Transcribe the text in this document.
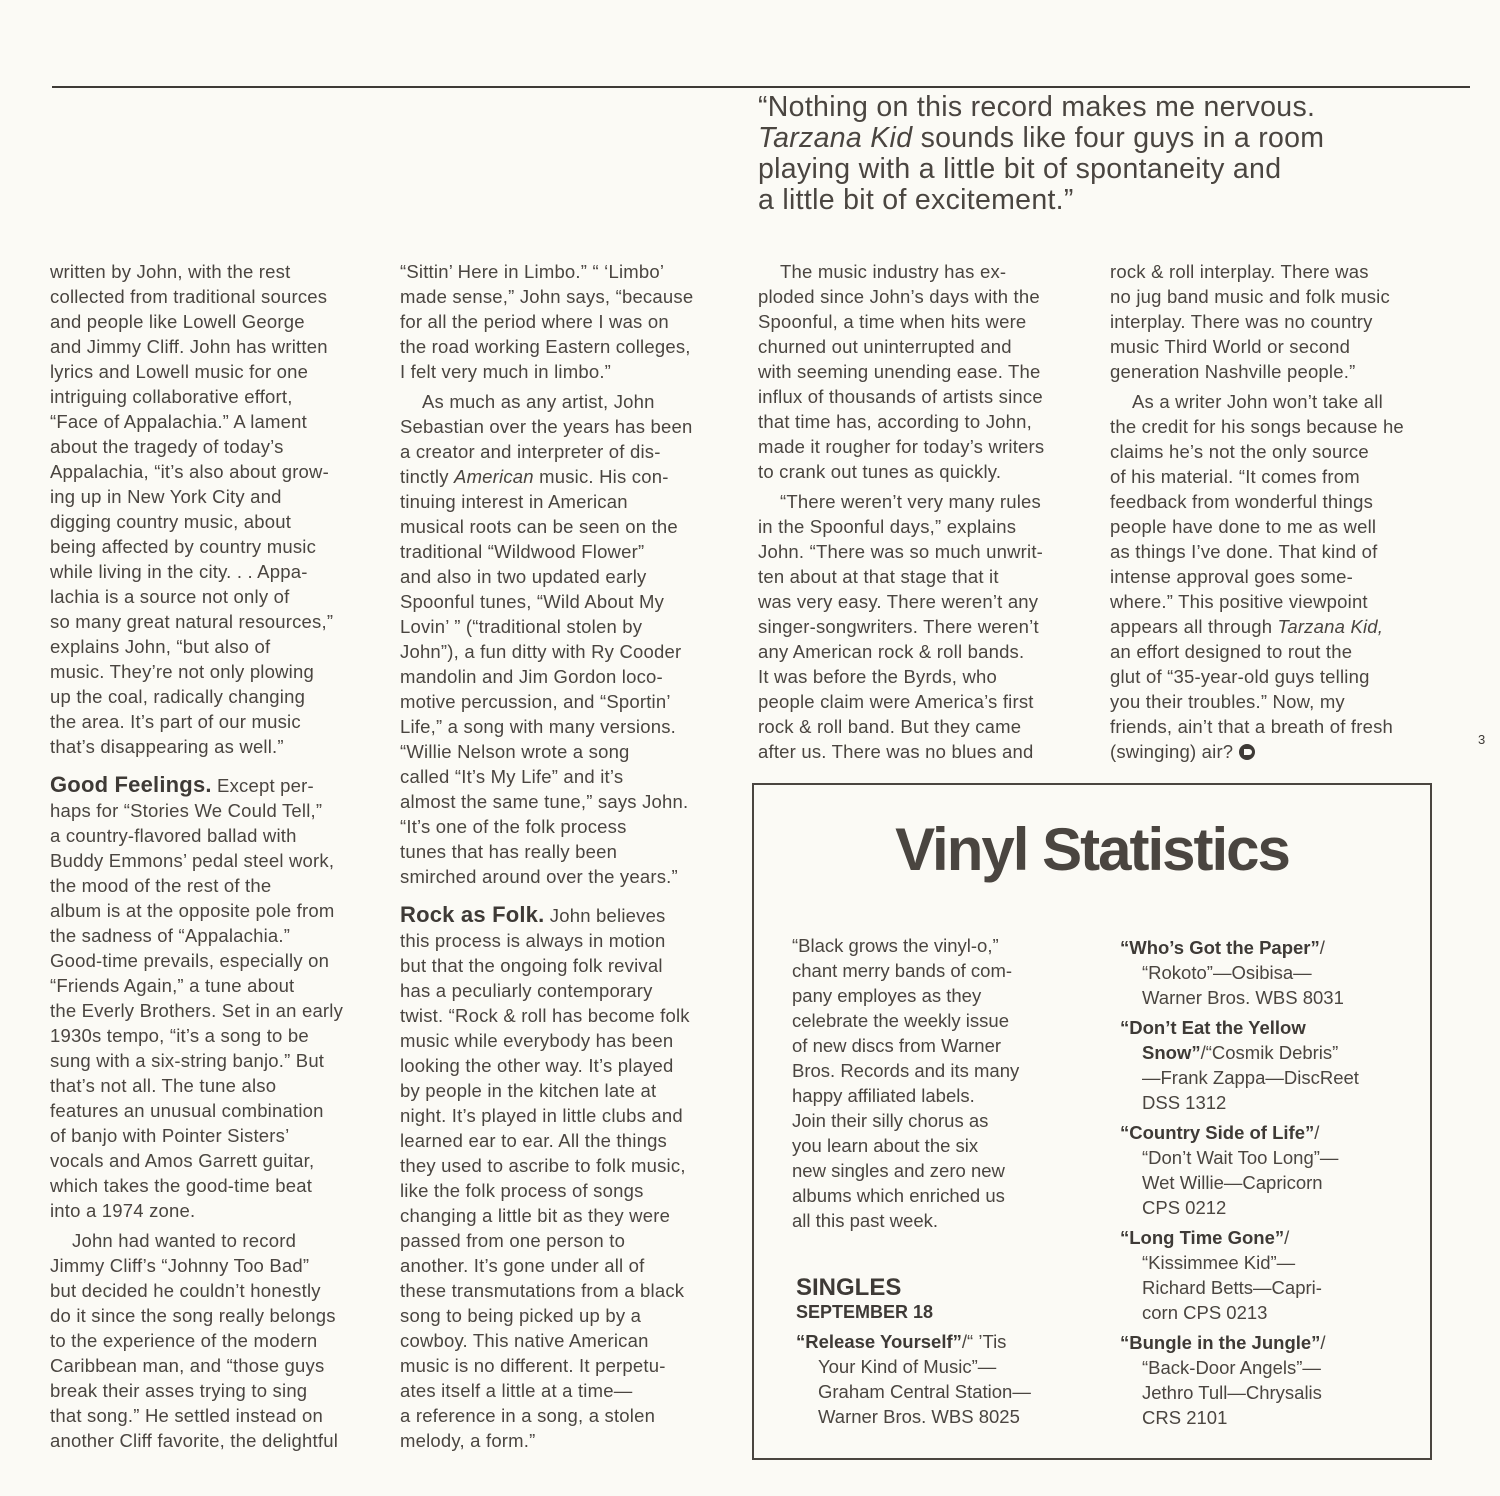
“Nothing on this record makes me nervous.
Tarzana Kid sounds like four guys in a room
playing with a little bit of spontaneity and
a little bit of excitement.”
written by John, with the rest
collected from traditional sources
and people like Lowell George
and Jimmy Cliff. John has written
lyrics and Lowell music for one
intriguing collaborative effort,
“Face of Appalachia.” A lament
about the tragedy of today’s
Appalachia, “it’s also about grow-
ing up in New York City and
digging country music, about
being affected by country music
while living in the city. . . Appa-
lachia is a source not only of
so many great natural resources,”
explains John, “but also of
music. They’re not only plowing
up the coal, radically changing
the area. It’s part of our music
that’s disappearing as well.”
Good Feelings. Except per-
haps for “Stories We Could Tell,”
a country-flavored ballad with
Buddy Emmons’ pedal steel work,
the mood of the rest of the
album is at the opposite pole from
the sadness of “Appalachia.”
Good-time prevails, especially on
“Friends Again,” a tune about
the Everly Brothers. Set in an early
1930s tempo, “it’s a song to be
sung with a six-string banjo.” But
that’s not all. The tune also
features an unusual combination
of banjo with Pointer Sisters’
vocals and Amos Garrett guitar,
which takes the good-time beat
into a 1974 zone.
John had wanted to record
Jimmy Cliff’s “Johnny Too Bad”
but decided he couldn’t honestly
do it since the song really belongs
to the experience of the modern
Caribbean man, and “those guys
break their asses trying to sing
that song.” He settled instead on
another Cliff favorite, the delightful
“Sittin’ Here in Limbo.” “ ‘Limbo’
made sense,” John says, “because
for all the period where I was on
the road working Eastern colleges,
I felt very much in limbo.”
As much as any artist, John
Sebastian over the years has been
a creator and interpreter of dis-
tinctly American music. His con-
tinuing interest in American
musical roots can be seen on the
traditional “Wildwood Flower”
and also in two updated early
Spoonful tunes, “Wild About My
Lovin’ ” (“traditional stolen by
John”), a fun ditty with Ry Cooder
mandolin and Jim Gordon loco-
motive percussion, and “Sportin’
Life,” a song with many versions.
“Willie Nelson wrote a song
called “It’s My Life” and it’s
almost the same tune,” says John.
“It’s one of the folk process
tunes that has really been
smirched around over the years.”
Rock as Folk. John believes
this process is always in motion
but that the ongoing folk revival
has a peculiarly contemporary
twist. “Rock & roll has become folk
music while everybody has been
looking the other way. It’s played
by people in the kitchen late at
night. It’s played in little clubs and
learned ear to ear. All the things
they used to ascribe to folk music,
like the folk process of songs
changing a little bit as they were
passed from one person to
another. It’s gone under all of
these transmutations from a black
song to being picked up by a
cowboy. This native American
music is no different. It perpetu-
ates itself a little at a time—
a reference in a song, a stolen
melody, a form.”
The music industry has ex-
ploded since John’s days with the
Spoonful, a time when hits were
churned out uninterrupted and
with seeming unending ease. The
influx of thousands of artists since
that time has, according to John,
made it rougher for today’s writers
to crank out tunes as quickly.
“There weren’t very many rules
in the Spoonful days,” explains
John. “There was so much unwrit-
ten about at that stage that it
was very easy. There weren’t any
singer-songwriters. There weren’t
any American rock & roll bands.
It was before the Byrds, who
people claim were America’s first
rock & roll band. But they came
after us. There was no blues and
rock & roll interplay. There was
no jug band music and folk music
interplay. There was no country
music Third World or second
generation Nashville people.”
As a writer John won’t take all
the credit for his songs because he
claims he’s not the only source
of his material. “It comes from
feedback from wonderful things
people have done to me as well
as things I’ve done. That kind of
intense approval goes some-
where.” This positive viewpoint
appears all through Tarzana Kid,
an effort designed to rout the
glut of “35-year-old guys telling
you their troubles.” Now, my
friends, ain’t that a breath of fresh
(swinging) air?
3
Vinyl Statistics
“Black grows the vinyl-o,”
chant merry bands of com-
pany employes as they
celebrate the weekly issue
of new discs from Warner
Bros. Records and its many
happy affiliated labels.
Join their silly chorus as
you learn about the six
new singles and zero new
albums which enriched us
all this past week.
SINGLES
SEPTEMBER 18
“Release Yourself”/“ ’Tis
Your Kind of Music”—
Graham Central Station—
Warner Bros. WBS 8025
“Who’s Got the Paper”/
“Rokoto”—Osibisa—
Warner Bros. WBS 8031
“Don’t Eat the Yellow
Snow”/“Cosmik Debris”
—Frank Zappa—DiscReet
DSS 1312
“Country Side of Life”/
“Don’t Wait Too Long”—
Wet Willie—Capricorn
CPS 0212
“Long Time Gone”/
“Kissimmee Kid”—
Richard Betts—Capri-
corn CPS 0213
“Bungle in the Jungle”/
“Back-Door Angels”—
Jethro Tull—Chrysalis
CRS 2101
